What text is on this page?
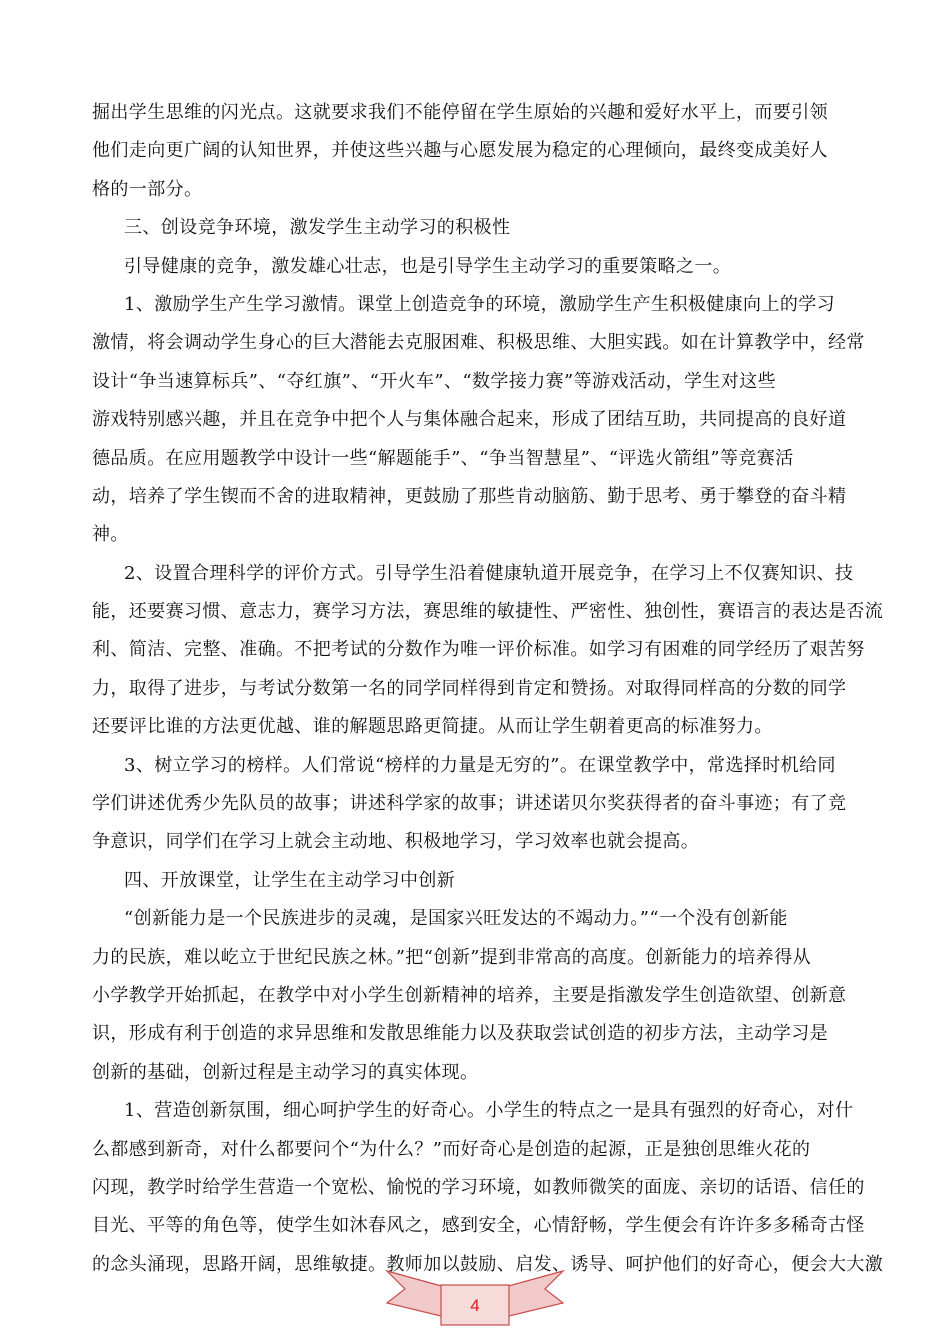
掘出学生思维的闪光点。这就要求我们不能停留在学生原始的兴趣和爱好水平上，而要引领
他们走向更广阔的认知世界，并使这些兴趣与心愿发展为稳定的心理倾向，最终变成美好人
格的一部分。
三、创设竞争环境，激发学生主动学习的积极性
引导健康的竞争，激发雄心壮志，也是引导学生主动学习的重要策略之一。
1、激励学生产生学习激情。课堂上创造竞争的环境，激励学生产生积极健康向上的学习
激情，将会调动学生身心的巨大潜能去克服困难、积极思维、大胆实践。如在计算教学中，经常
设计“争当速算标兵”、“夺红旗”、“开火车”、“数学接力赛”等游戏活动，学生对这些
游戏特别感兴趣，并且在竞争中把个人与集体融合起来，形成了团结互助，共同提高的良好道
德品质。在应用题教学中设计一些“解题能手”、“争当智慧星”、“评选火箭组”等竞赛活
动，培养了学生锲而不舍的进取精神，更鼓励了那些肯动脑筋、勤于思考、勇于攀登的奋斗精
神。
2、设置合理科学的评价方式。引导学生沿着健康轨道开展竞争，在学习上不仅赛知识、技
能，还要赛习惯、意志力，赛学习方法，赛思维的敏捷性、严密性、独创性，赛语言的表达是否流
利、简洁、完整、准确。不把考试的分数作为唯一评价标准。如学习有困难的同学经历了艰苦努
力，取得了进步，与考试分数第一名的同学同样得到肯定和赞扬。对取得同样高的分数的同学
还要评比谁的方法更优越、谁的解题思路更简捷。从而让学生朝着更高的标准努力。
3、树立学习的榜样。人们常说“榜样的力量是无穷的”。在课堂教学中，常选择时机给同
学们讲述优秀少先队员的故事；讲述科学家的故事；讲述诺贝尔奖获得者的奋斗事迹；有了竞
争意识，同学们在学习上就会主动地、积极地学习，学习效率也就会提高。
四、开放课堂，让学生在主动学习中创新
“创新能力是一个民族进步的灵魂，是国家兴旺发达的不竭动力。”“一个没有创新能
力的民族，难以屹立于世纪民族之林。”把“创新”提到非常高的高度。创新能力的培养得从
小学教学开始抓起，在教学中对小学生创新精神的培养，主要是指激发学生创造欲望、创新意
识，形成有利于创造的求异思维和发散思维能力以及获取尝试创造的初步方法，主动学习是
创新的基础，创新过程是主动学习的真实体现。
1、营造创新氛围，细心呵护学生的好奇心。小学生的特点之一是具有强烈的好奇心，对什
么都感到新奇，对什么都要问个“为什么？”而好奇心是创造的起源，正是独创思维火花的
闪现，教学时给学生营造一个宽松、愉悦的学习环境，如教师微笑的面庞、亲切的话语、信任的
目光、平等的角色等，使学生如沐春风之，感到安全，心情舒畅，学生便会有许许多多稀奇古怪
的念头涌现，思路开阔，思维敏捷。教师加以鼓励、启发、诱导、呵护他们的好奇心，便会大大激
4
